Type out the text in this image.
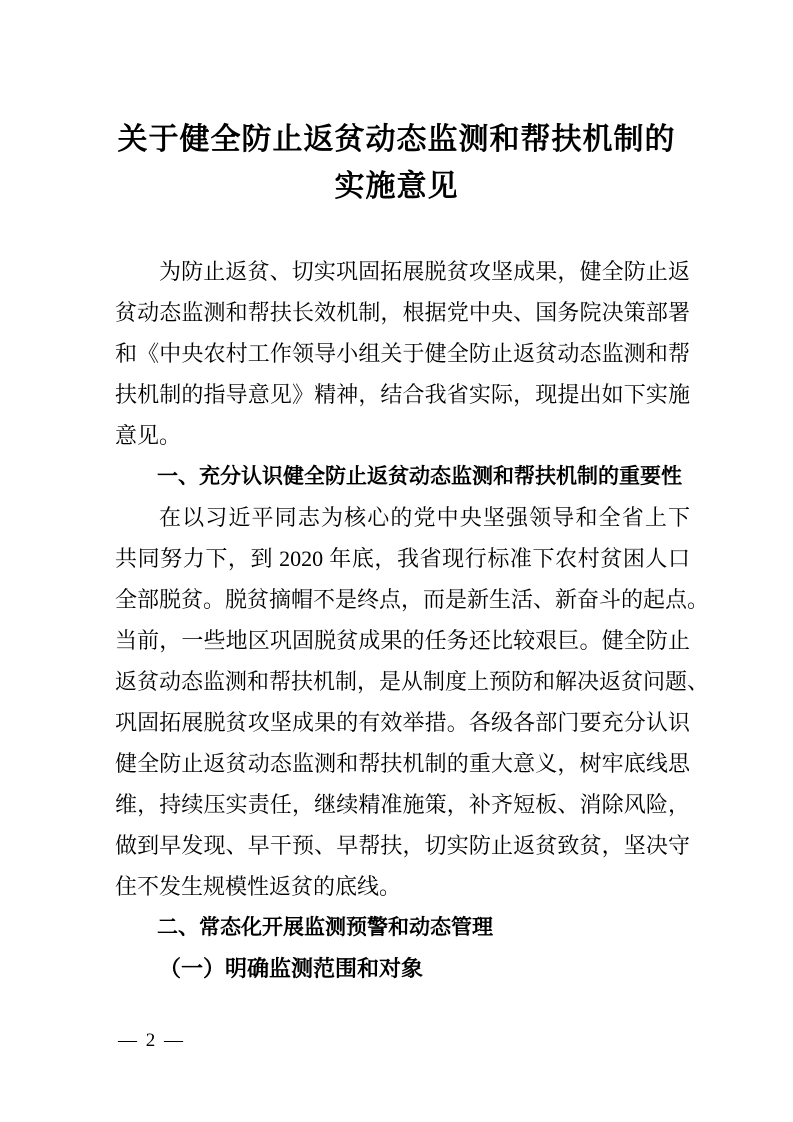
关于健全防止返贫动态监测和帮扶机制的
实施意见
为防止返贫、切实巩固拓展脱贫攻坚成果，健全防止返
贫动态监测和帮扶长效机制，根据党中央、国务院决策部署
和《中央农村工作领导小组关于健全防止返贫动态监测和帮
扶机制的指导意见》精神，结合我省实际，现提出如下实施
意见。
一、充分认识健全防止返贫动态监测和帮扶机制的重要性
在以习近平同志为核心的党中央坚强领导和全省上下
共同努力下，到 2020 年底，我省现行标准下农村贫困人口
全部脱贫。脱贫摘帽不是终点，而是新生活、新奋斗的起点。
当前，一些地区巩固脱贫成果的任务还比较艰巨。健全防止
返贫动态监测和帮扶机制，是从制度上预防和解决返贫问题、
巩固拓展脱贫攻坚成果的有效举措。各级各部门要充分认识
健全防止返贫动态监测和帮扶机制的重大意义，树牢底线思
维，持续压实责任，继续精准施策，补齐短板、消除风险，
做到早发现、早干预、早帮扶，切实防止返贫致贫，坚决守
住不发生规模性返贫的底线。
二、常态化开展监测预警和动态管理
（一）明确监测范围和对象
— 2 —
